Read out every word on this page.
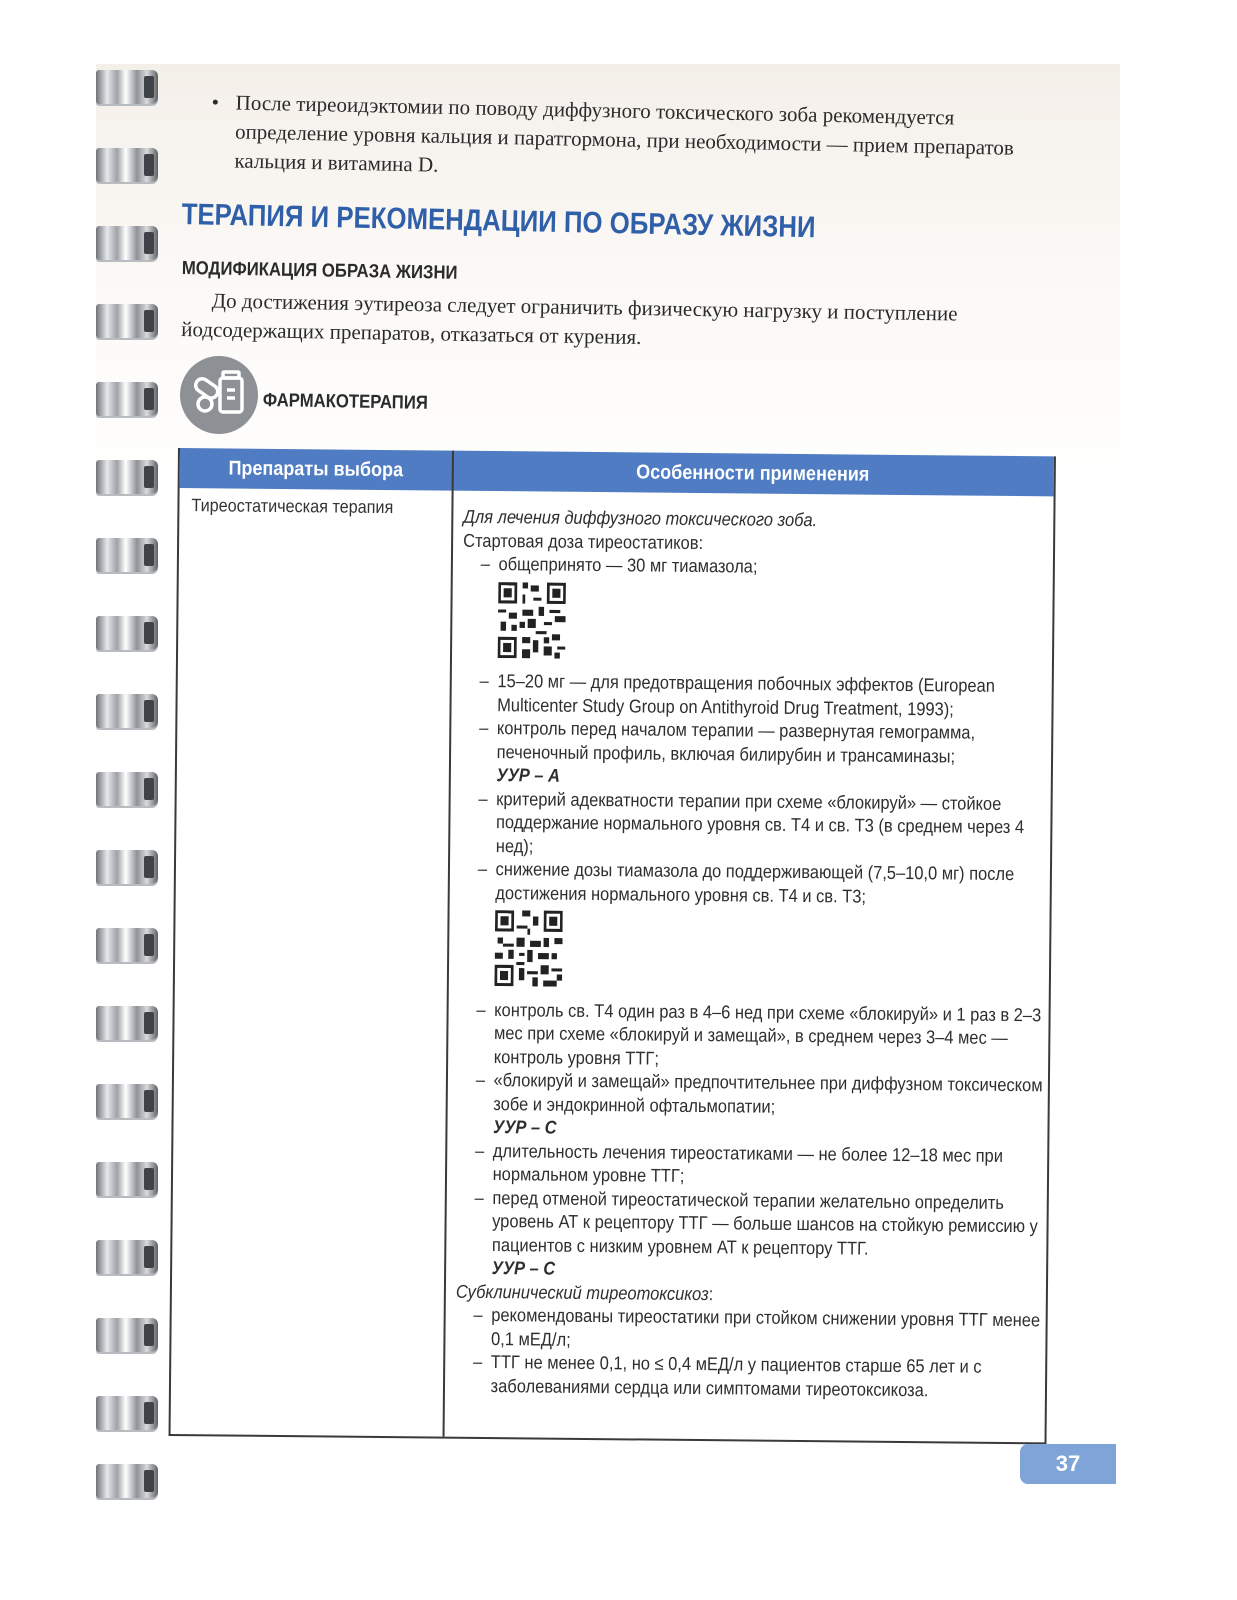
• После тиреоидэктомии по поводу диффузного токсического зоба рекомендуется определение уровня кальция и паратгормона, при необходимости — прием препаратов кальция и витамина D.
ТЕРАПИЯ И РЕКОМЕНДАЦИИ ПО ОБРАЗУ ЖИЗНИ
МОДИФИКАЦИЯ ОБРАЗА ЖИЗНИ
До достижения эутиреоза следует ограничить физическую нагрузку и поступление йодсодержащих препаратов, отказаться от курения.
ФАРМАКОТЕРАПИЯ
Препараты выбора	Особенности применения
Тиреостатическая терапия	Для лечения диффузного токсического зоба.
Стартовая доза тиреостатиков:
– общепринято — 30 мг тиамазола;
– 15–20 мг — для предотвращения побочных эффектов (European Multicenter Study Group on Antithyroid Drug Treatment, 1993);
– контроль перед началом терапии — развернутая гемограмма, печеночный профиль, включая билирубин и трансаминазы;
УУР – А
– критерий адекватности терапии при схеме «блокируй» — стойкое поддержание нормального уровня св. Т4 и св. Т3 (в среднем через 4 нед);
– снижение дозы тиамазола до поддерживающей (7,5–10,0 мг) после достижения нормального уровня св. Т4 и св. Т3;
– контроль св. Т4 один раз в 4–6 нед при схеме «блокируй» и 1 раз в 2–3 мес при схеме «блокируй и замещай», в среднем через 3–4 мес — контроль уровня ТТГ;
– «блокируй и замещай» предпочтительнее при диффузном токсическом зобе и эндокринной офтальмопатии;
УУР – С
– длительность лечения тиреостатиками — не более 12–18 мес при нормальном уровне ТТГ;
– перед отменой тиреостатической терапии желательно определить уровень АТ к рецептору ТТГ — больше шансов на стойкую ремиссию у пациентов с низким уровнем АТ к рецептору ТТГ.
УУР – С
Субклинический тиреотоксикоз:
– рекомендованы тиреостатики при стойком снижении уровня ТТГ менее 0,1 мЕД/л;
– ТТГ не менее 0,1, но ≤ 0,4 мЕД/л у пациентов старше 65 лет и с заболеваниями сердца или симптомами тиреотоксикоза.
37
